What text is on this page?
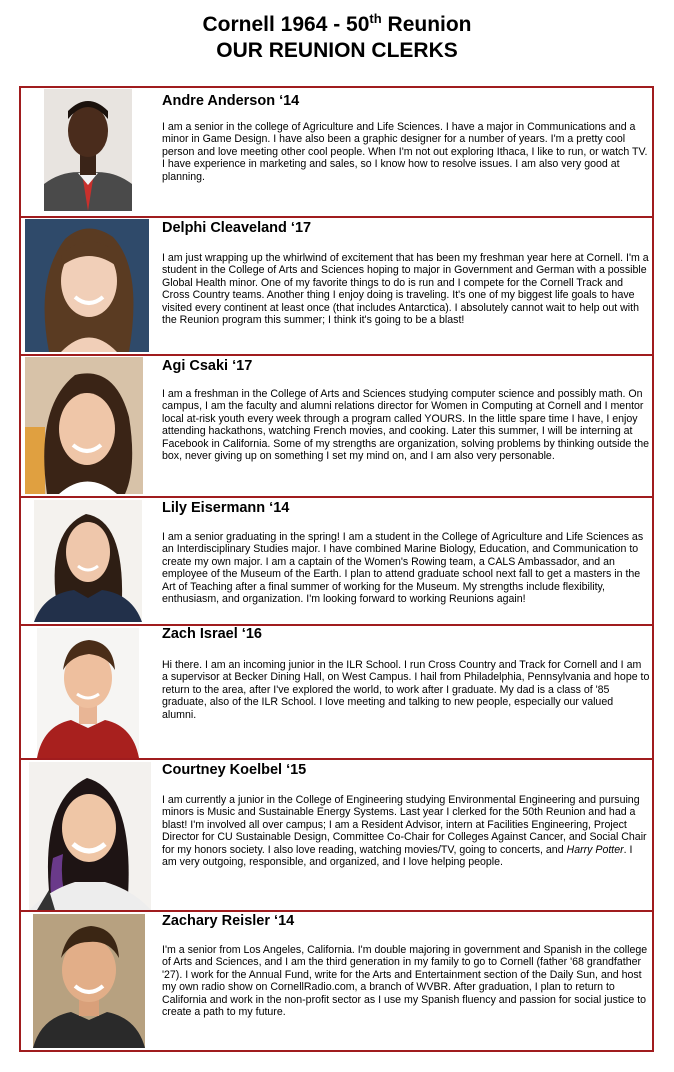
Cornell 1964 - 50th Reunion
OUR REUNION CLERKS
Andre Anderson ‘14
I am a senior in the college of Agriculture and Life Sciences. I have a major in Communications and a minor in Game Design. I have also been a graphic designer for a number of years. I'm a pretty cool person and love meeting other cool people. When I'm not out exploring Ithaca, I like to run, or watch TV. I have experience in marketing and sales, so I know how to resolve issues. I am also very good at planning.
Delphi Cleaveland ‘17
I am just wrapping up the whirlwind of excitement that has been my freshman year here at Cornell. I'm a student in the College of Arts and Sciences hoping to major in Government and German with a possible Global Health minor. One of my favorite things to do is run and I compete for the Cornell Track and Cross Country teams. Another thing I enjoy doing is traveling. It's one of my biggest life goals to have visited every continent at least once (that includes Antarctica). I absolutely cannot wait to help out with the Reunion program this summer; I think it's going to be a blast!
Agi Csaki ‘17
I am a freshman in the College of Arts and Sciences studying computer science and possibly math. On campus, I am the faculty and alumni relations director for Women in Computing at Cornell and I mentor local at-risk youth every week through a program called YOURS. In the little spare time I have, I enjoy attending hackathons, watching French movies, and cooking. Later this summer, I will be interning at Facebook in California. Some of my strengths are organization, solving problems by thinking outside the box, never giving up on something I set my mind on, and I am also very personable.
Lily Eisermann ‘14
I am a senior graduating in the spring! I am a student in the College of Agriculture and Life Sciences as an Interdisciplinary Studies major. I have combined Marine Biology, Education, and Communication to create my own major. I am a captain of the Women's Rowing team, a CALS Ambassador, and an employee of the Museum of the Earth. I plan to attend graduate school next fall to get a masters in the Art of Teaching after a final summer of working for the Museum. My strengths include flexibility, enthusiasm, and organization. I'm looking forward to working Reunions again!
Zach Israel ‘16
Hi there. I am an incoming junior in the ILR School. I run Cross Country and Track for Cornell and I am a supervisor at Becker Dining Hall, on West Campus. I hail from Philadelphia, Pennsylvania and hope to return to the area, after I've explored the world, to work after I graduate. My dad is a class of '85 graduate, also of the ILR School. I love meeting and talking to new people, especially our valued alumni.
Courtney Koelbel ‘15
I am currently a junior in the College of Engineering studying Environmental Engineering and pursuing minors is Music and Sustainable Energy Systems. Last year I clerked for the 50th Reunion and had a blast! I'm involved all over campus; I am a Resident Advisor, intern at Facilities Engineering, Project Director for CU Sustainable Design, Committee Co-Chair for Colleges Against Cancer, and Social Chair for my honors society. I also love reading, watching movies/TV, going to concerts, and Harry Potter. I am very outgoing, responsible, and organized, and I love helping people.
Zachary Reisler ‘14
I'm a senior from Los Angeles, California. I'm double majoring in government and Spanish in the college of Arts and Sciences, and I am the third generation in my family to go to Cornell (father '68 grandfather '27). I work for the Annual Fund, write for the Arts and Entertainment section of the Daily Sun, and host my own radio show on CornellRadio.com, a branch of WVBR. After graduation, I plan to return to California and work in the non-profit sector as I use my Spanish fluency and passion for social justice to create a path to my future.
